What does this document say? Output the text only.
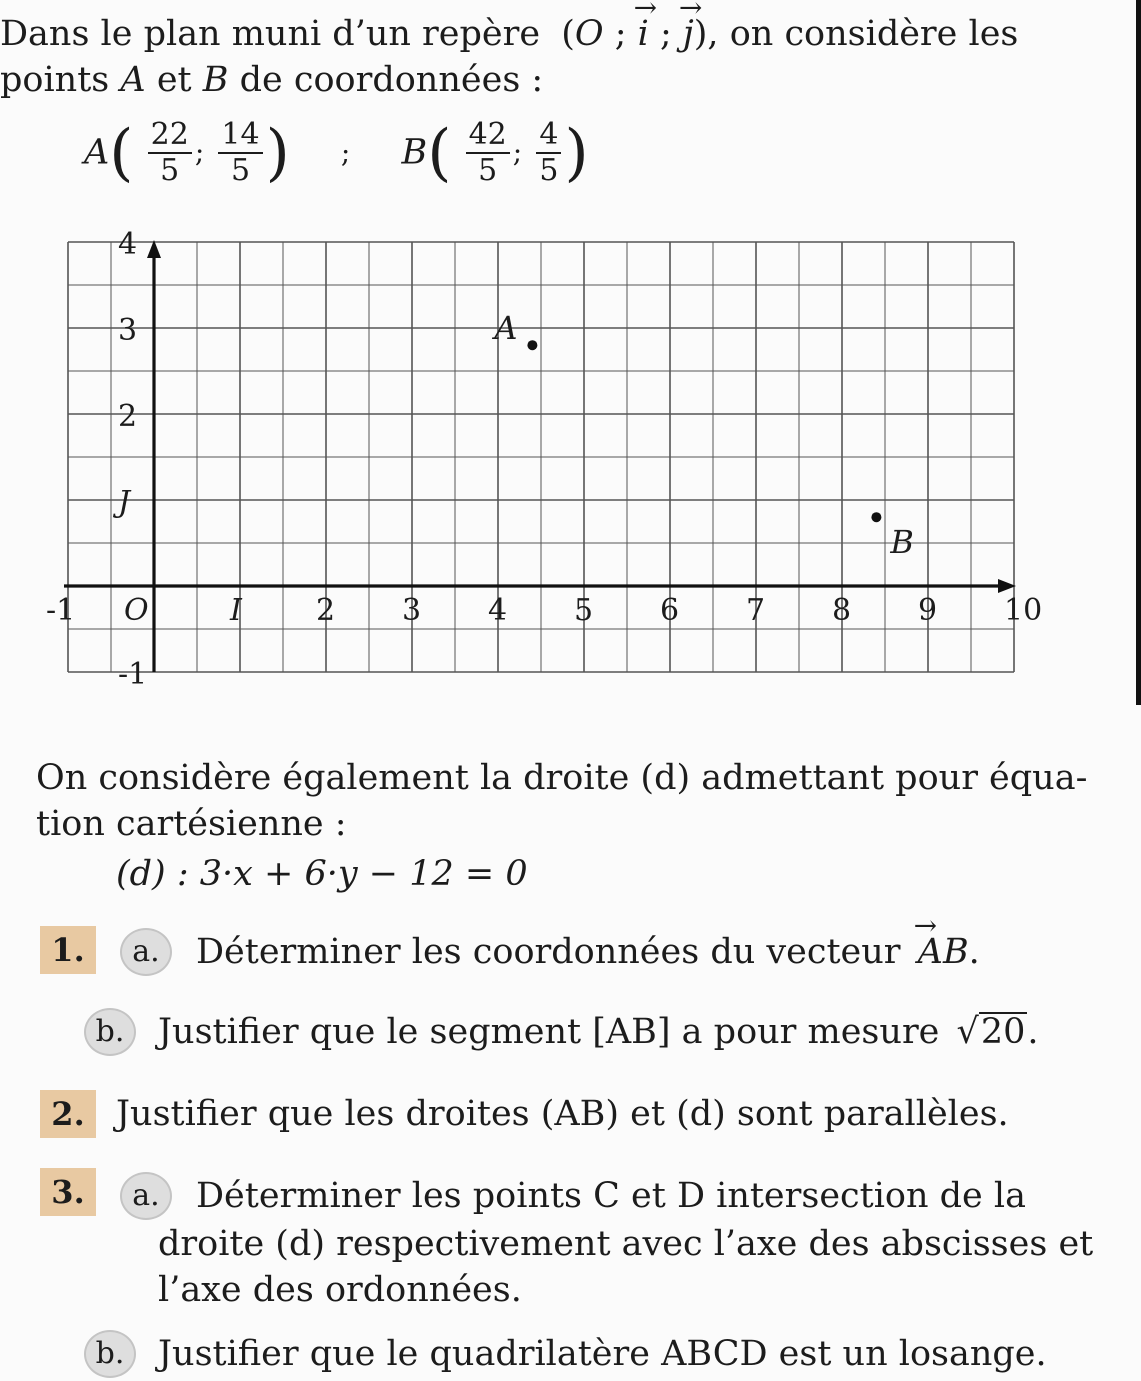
Dans le plan muni d’un repère (O ; → i ; → j), on considère les
points A et B de coordonnées :
$A( \frac{22}{5}$ ; $\frac{14}{5}$ ) ; $B( \frac{42}{5}$ ; $\frac{4}{5}$ )
-1 O	I 2 3 4 5 6 7 8 9 10
-1
J
2
3
4
A
B
On considère également la droite (d) admettant pour équa-
tion cartésienne :
(d) : 3·x + 6·y − 12 = 0
1.	a.	Déterminer les coordonnées du vecteur → AB.
b. Justifier que le segment [AB] a pour mesure √20.
2. Justifier que les droites (AB) et (d) sont parallèles.
3.	a.	Déterminer les points C et D intersection de la
droite (d) respectivement avec l’axe des abscisses et
l’axe des ordonnées.
b. Justifier que le quadrilatère ABCD est un losange.
